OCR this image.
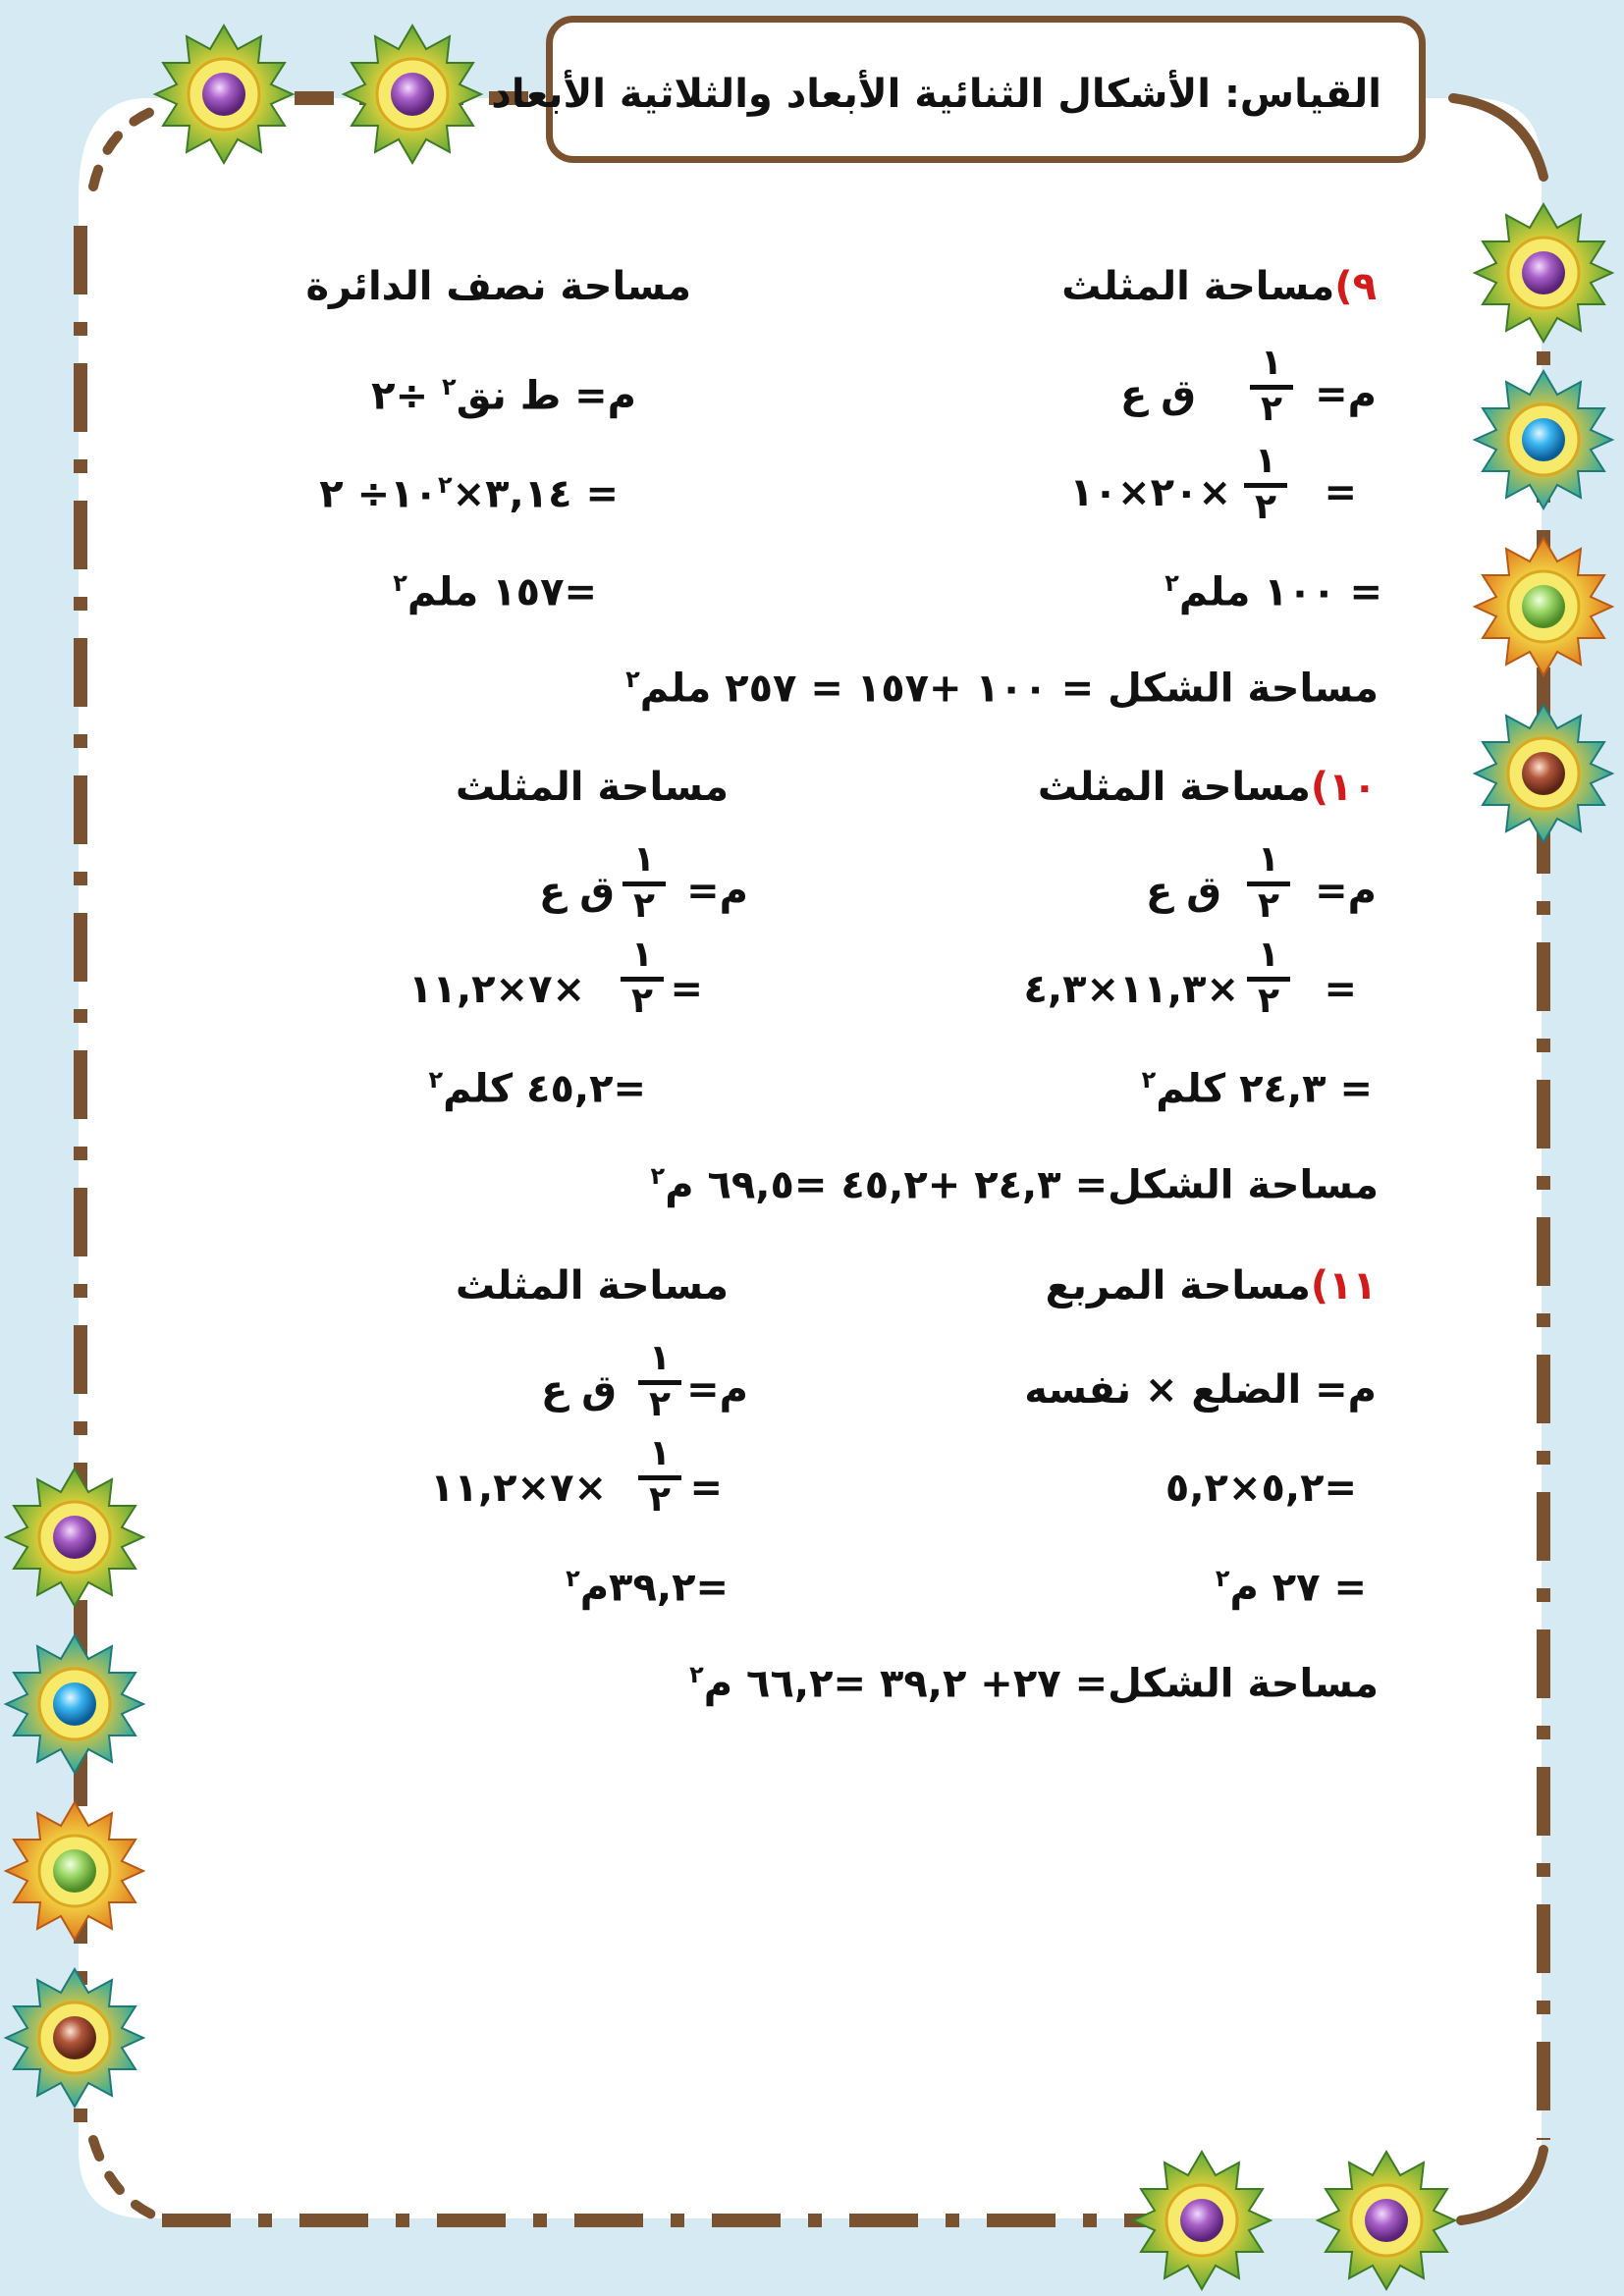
القياس: الأشكال الثنائية الأبعاد والثلاثية الأبعاد
٩)مساحة المثلث
مساحة نصف الدائرة
م=
١
٢
ق ع
=
١
٢
×٢٠×١٠
= ١٠٠ ملم$^٢$
م= ط نق$^٢$ ÷٢
= $٣,١٤\times ١٠^٢\div$ ٢
=١٥٧ ملم$^٢$
مساحة الشكل = ١٠٠ +١٥٧ = ٢٥٧ ملم$^٢$
١٠)مساحة المثلث
مساحة المثلث
م=
١
٢
ق ع
=
١
٢
×١١,٣×٤,٣
= ٢٤,٣ كلم$^٢$
م=
١
٢
ق ع
=
١
٢
×٧×١١,٢
=٤٥,٢ كلم$^٢$
مساحة الشكل= ٢٤,٣ +٤٥,٢ =٦٩,٥ م$^٢$
١١)مساحة المربع
مساحة المثلث
م= الضلع × نفسه
=٥,٢×٥,٢
= ٢٧ م$^٢$
م=
١
٢
ق ع
=
١
٢
×٧×١١,٢
=٣٩,٢م$^٢$
مساحة الشكل= ٢٧+ ٣٩,٢ =٦٦,٢ م$^٢$
